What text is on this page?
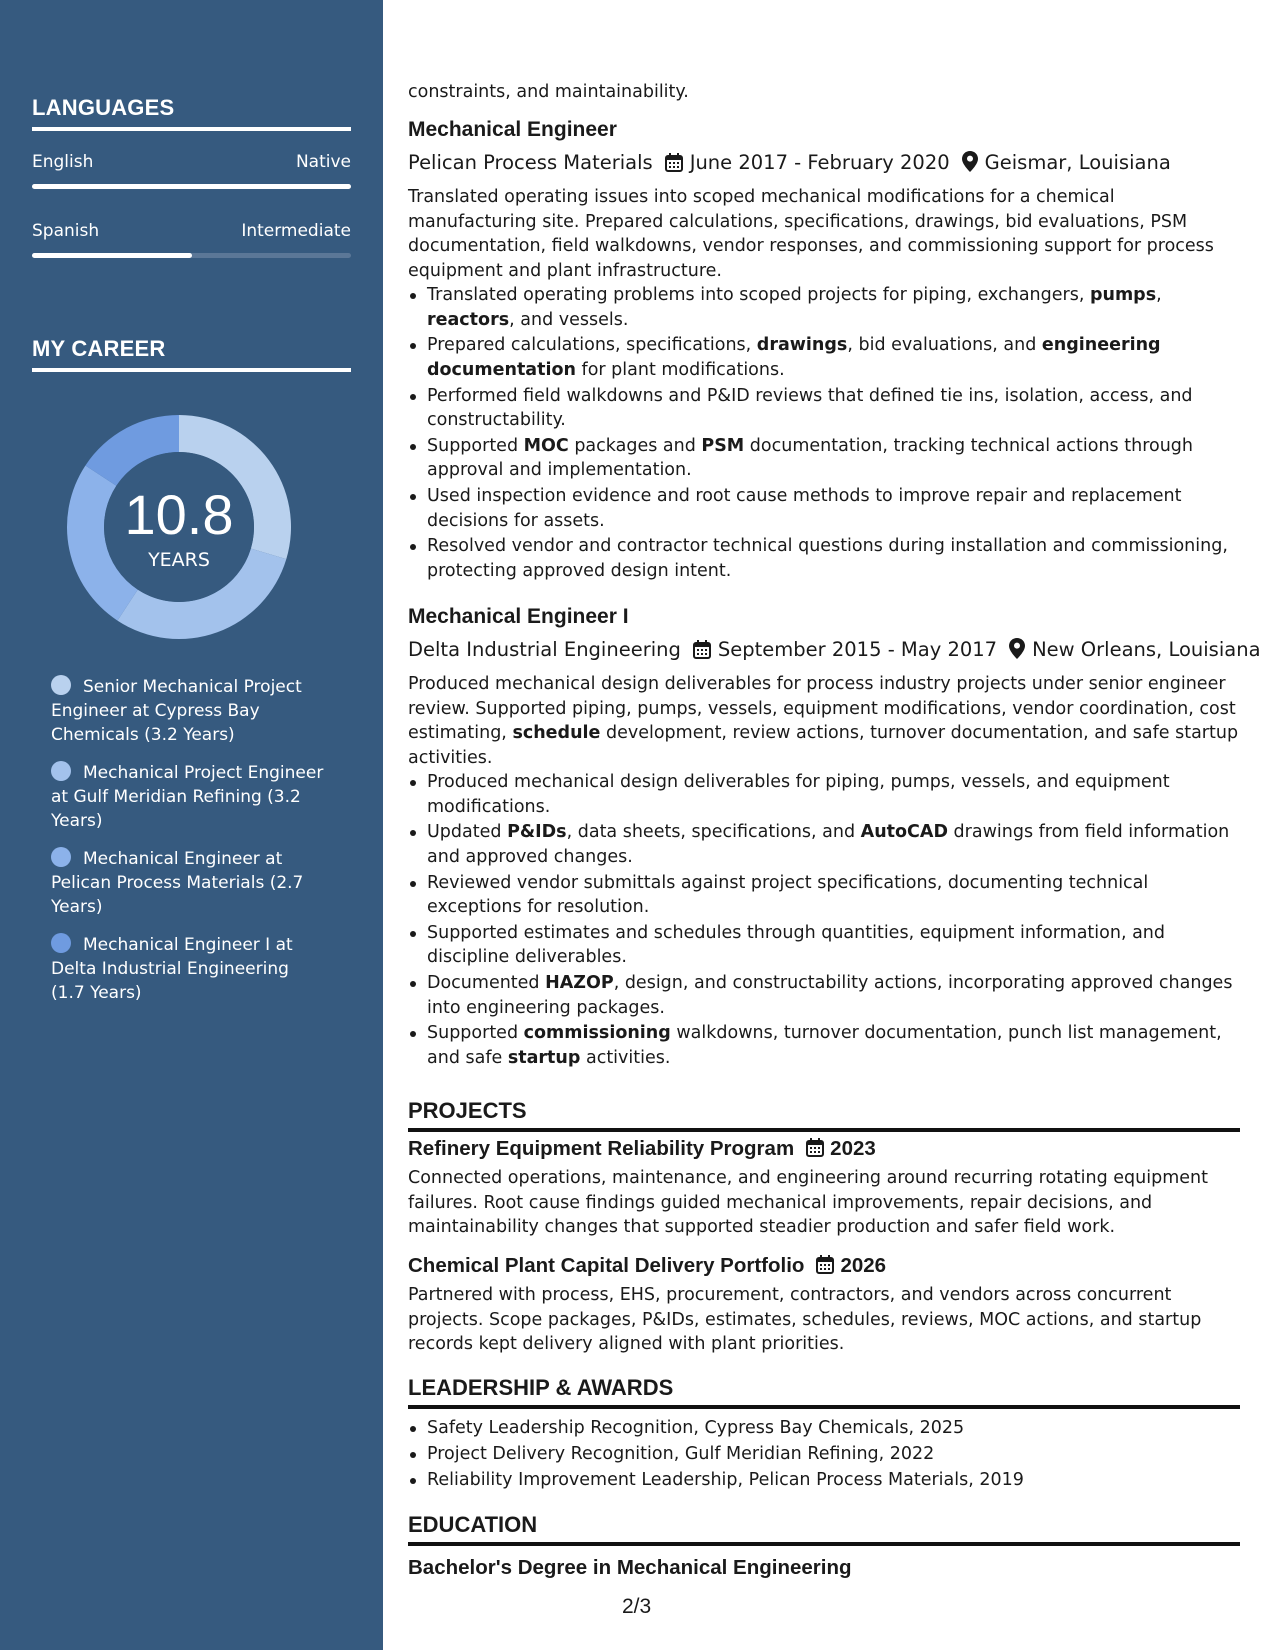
LANGUAGES
English	Native
Spanish	Intermediate
MY CAREER
10.8
YEARS
Senior Mechanical Project Engineer at Cypress Bay Chemicals (3.2 Years)
Mechanical Project Engineer at Gulf Meridian Refining (3.2 Years)
Mechanical Engineer at Pelican Process Materials (2.7 Years)
Mechanical Engineer I at Delta Industrial Engineering (1.7 Years)
constraints, and maintainability.
Mechanical Engineer
Pelican Process Materials June 2017 - February 2020 Geismar, Louisiana
Translated operating issues into scoped mechanical modifications for a chemical manufacturing site. Prepared calculations, specifications, drawings, bid evaluations, PSM documentation, field walkdowns, vendor responses, and commissioning support for process equipment and plant infrastructure.
Translated operating problems into scoped projects for piping, exchangers, pumps, reactors, and vessels.
Prepared calculations, specifications, drawings, bid evaluations, and engineering documentation for plant modifications.
Performed field walkdowns and P&ID reviews that defined tie ins, isolation, access, and constructability.
Supported MOC packages and PSM documentation, tracking technical actions through approval and implementation.
Used inspection evidence and root cause methods to improve repair and replacement decisions for assets.
Resolved vendor and contractor technical questions during installation and commissioning, protecting approved design intent.
Mechanical Engineer I
Delta Industrial Engineering September 2015 - May 2017 New Orleans, Louisiana
Produced mechanical design deliverables for process industry projects under senior engineer review. Supported piping, pumps, vessels, equipment modifications, vendor coordination, cost estimating, schedule development, review actions, turnover documentation, and safe startup activities.
Produced mechanical design deliverables for piping, pumps, vessels, and equipment modifications.
Updated P&IDs, data sheets, specifications, and AutoCAD drawings from field information and approved changes.
Reviewed vendor submittals against project specifications, documenting technical exceptions for resolution.
Supported estimates and schedules through quantities, equipment information, and discipline deliverables.
Documented HAZOP, design, and constructability actions, incorporating approved changes into engineering packages.
Supported commissioning walkdowns, turnover documentation, punch list management, and safe startup activities.
PROJECTS
Refinery Equipment Reliability Program 2023
Connected operations, maintenance, and engineering around recurring rotating equipment failures. Root cause findings guided mechanical improvements, repair decisions, and maintainability changes that supported steadier production and safer field work.
Chemical Plant Capital Delivery Portfolio 2026
Partnered with process, EHS, procurement, contractors, and vendors across concurrent projects. Scope packages, P&IDs, estimates, schedules, reviews, MOC actions, and startup records kept delivery aligned with plant priorities.
LEADERSHIP & AWARDS
Safety Leadership Recognition, Cypress Bay Chemicals, 2025
Project Delivery Recognition, Gulf Meridian Refining, 2022
Reliability Improvement Leadership, Pelican Process Materials, 2019
EDUCATION
Bachelor's Degree in Mechanical Engineering
2/3
